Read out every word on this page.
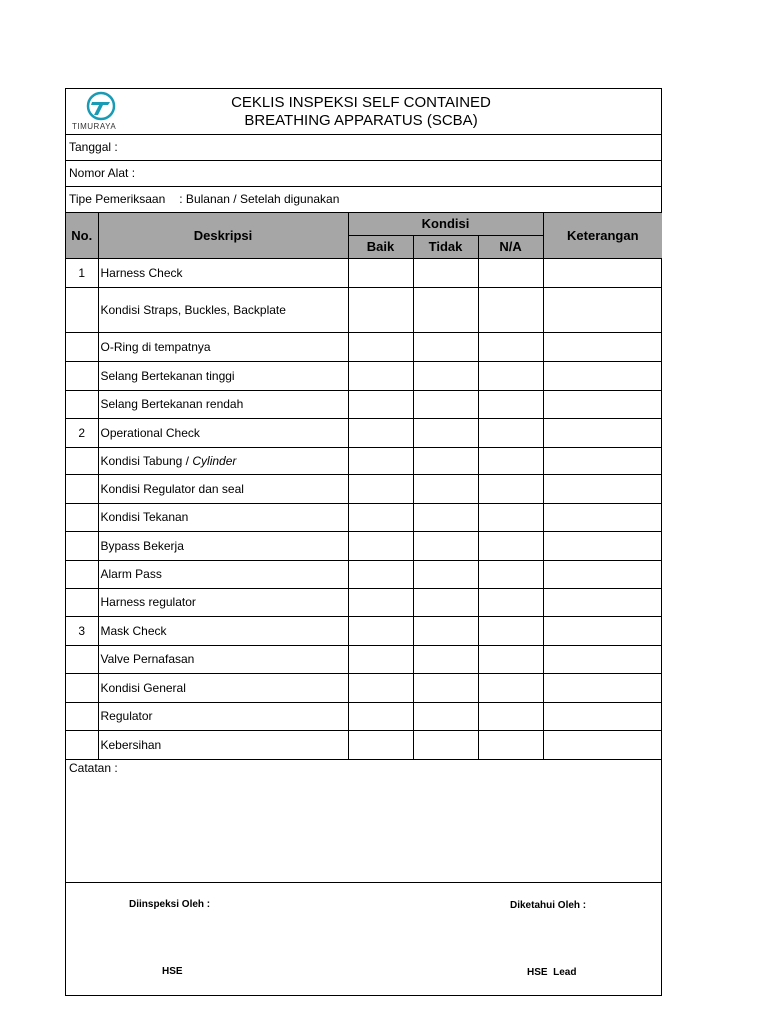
TIMURAYA
CEKLIS INSPEKSI SELF CONTAINED
BREATHING APPARATUS (SCBA)
Tanggal :
Nomor Alat :
Tipe Pemeriksaan : Bulanan / Setelah digunakan
No.	Deskripsi	Kondisi			Keterangan
		Baik	Tidak	N/A	
1	Harness Check				
	Kondisi Straps, Buckles, Backplate				
	O-Ring di tempatnya				
	Selang Bertekanan tinggi				
	Selang Bertekanan rendah				
2	Operational Check				
	Kondisi Tabung / Cylinder				
	Kondisi Regulator dan seal				
	Kondisi Tekanan				
	Bypass Bekerja				
	Alarm Pass				
	Harness regulator				
3	Mask Check				
	Valve Pernafasan				
	Kondisi General				
	Regulator				
	Kebersihan				
Catatan :
Diinspeksi Oleh :	Diketahui Oleh :
HSE	HSE  Lead
